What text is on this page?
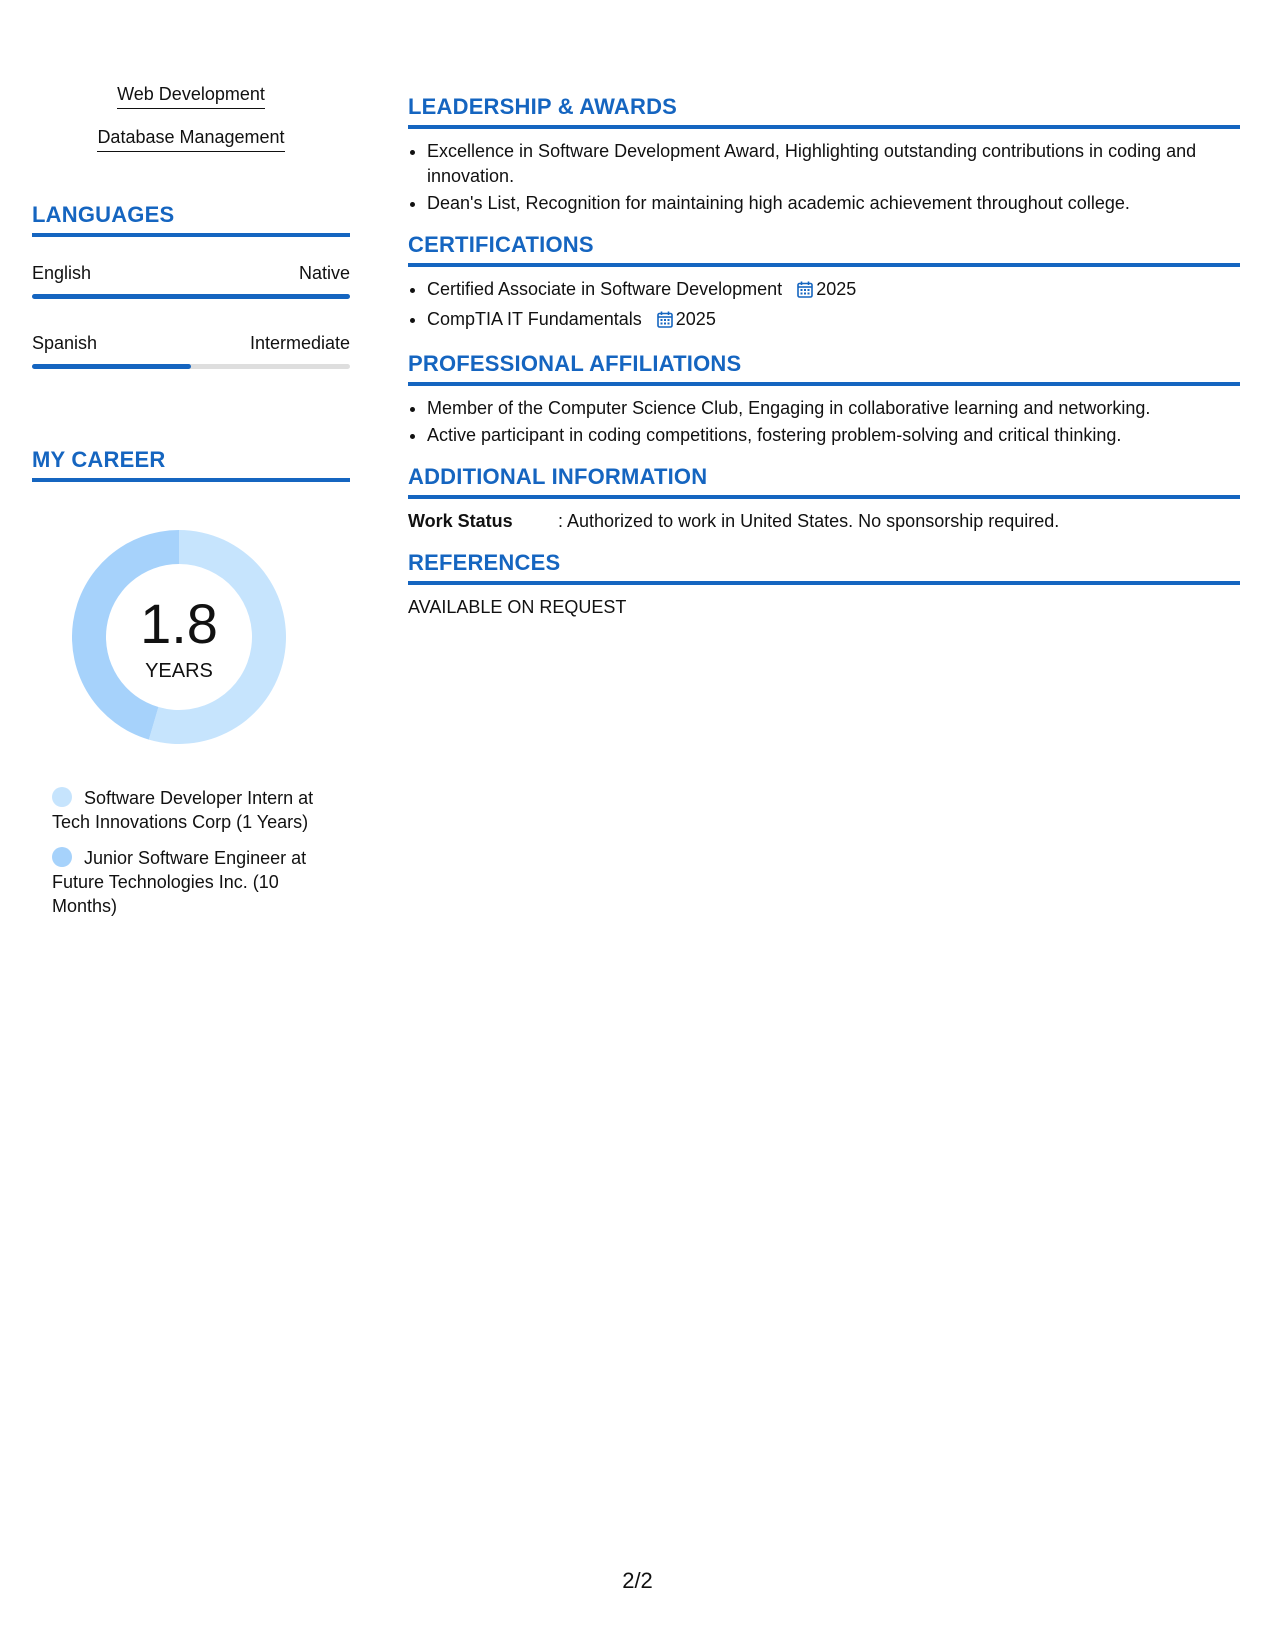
Web Development
Database Management
LANGUAGES
English	Native
Spanish	Intermediate
MY CAREER
1.8
YEARS
Software Developer Intern at Tech Innovations Corp (1 Years)
Junior Software Engineer at Future Technologies Inc. (10 Months)
LEADERSHIP & AWARDS
• Excellence in Software Development Award, Highlighting outstanding contributions in coding and innovation.
• Dean's List, Recognition for maintaining high academic achievement throughout college.
CERTIFICATIONS
• Certified Associate in Software Development 2025
• CompTIA IT Fundamentals 2025
PROFESSIONAL AFFILIATIONS
• Member of the Computer Science Club, Engaging in collaborative learning and networking.
• Active participant in coding competitions, fostering problem-solving and critical thinking.
ADDITIONAL INFORMATION
Work Status	: Authorized to work in United States. No sponsorship required.
REFERENCES
AVAILABLE ON REQUEST
2/2
